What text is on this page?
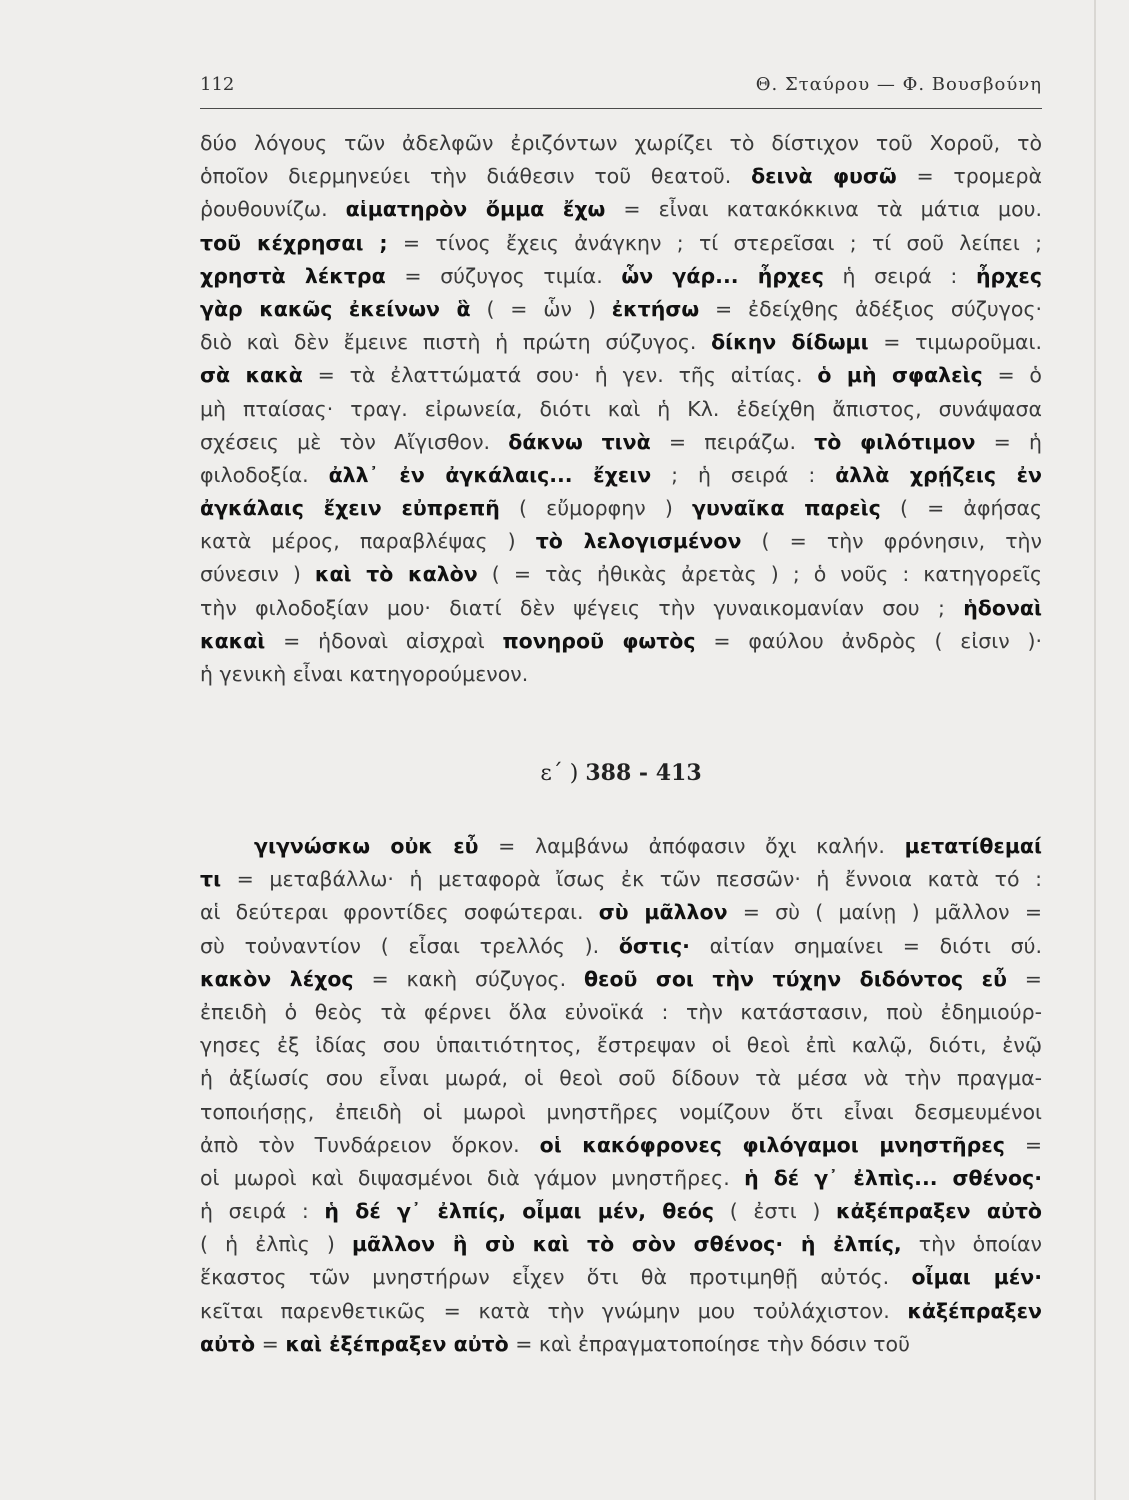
112	Θ. Σταύρου — Φ. Βουσβούνη
δύο λόγους τῶν ἀδελφῶν ἐριζόντων χωρίζει τὸ δίστιχον τοῦ Χοροῦ, τὸ
ὁποῖον διερμηνεύει τὴν διάθεσιν τοῦ θεατοῦ. δεινὰ φυσῶ = τρομερὰ
ῥουθουνίζω. αἱματηρὸν ὄμμα ἔχω = εἶναι κατακόκκινα τὰ μάτια μου.
τοῦ κέχρησαι ; = τίνος ἔχεις ἀνάγκην ; τί στερεῖσαι ; τί σοῦ λείπει ;
χρηστὰ λέκτρα = σύζυγος τιμία. ὧν γάρ... ἦρχες ἡ σειρά : ἦρχες
γὰρ κακῶς ἐκείνων ἃ ( = ὧν ) ἐκτήσω = ἐδείχθης ἀδέξιος σύζυγος·
διὸ καὶ δὲν ἔμεινε πιστὴ ἡ πρώτη σύζυγος. δίκην δίδωμι = τιμωροῦμαι.
σὰ κακὰ = τὰ ἐλαττώματά σου· ἡ γεν. τῆς αἰτίας. ὁ μὴ σφαλεὶς = ὁ
μὴ πταίσας· τραγ. εἰρωνεία, διότι καὶ ἡ Κλ. ἐδείχθη ἄπιστος, συνάψασα
σχέσεις μὲ τὸν Αἴγισθον. δάκνω τινὰ = πειράζω. τὸ φιλότιμον = ἡ
φιλοδοξία. ἀλλ᾽ ἐν ἀγκάλαις... ἔχειν ; ἡ σειρά : ἀλλὰ χρῄζεις ἐν
ἀγκάλαις ἔχειν εὐπρεπῆ ( εὔμορφην ) γυναῖκα παρεὶς ( = ἀφήσας
κατὰ μέρος, παραβλέψας ) τὸ λελογισμένον ( = τὴν φρόνησιν, τὴν
σύνεσιν ) καὶ τὸ καλὸν ( = τὰς ἠθικὰς ἀρετὰς ) ; ὁ νοῦς : κατηγορεῖς
τὴν φιλοδοξίαν μου· διατί δὲν ψέγεις τὴν γυναικομανίαν σου ; ἡδοναὶ
κακαὶ = ἡδοναὶ αἰσχραὶ πονηροῦ φωτὸς = φαύλου ἀνδρὸς ( εἰσιν )·
ἡ γενικὴ εἶναι κατηγορούμενον.
ε΄ ) 388 - 413
γιγνώσκω οὐκ εὖ = λαμβάνω ἀπόφασιν ὄχι καλήν. μετατίθεμαί
τι = μεταβάλλω· ἡ μεταφορὰ ἴσως ἐκ τῶν πεσσῶν· ἡ ἔννοια κατὰ τό :
αἱ δεύτεραι φροντίδες σοφώτεραι. σὺ μᾶλλον = σὺ ( μαίνῃ ) μᾶλλον =
σὺ τοὐναντίον ( εἶσαι τρελλός ). ὅστις· αἰτίαν σημαίνει = διότι σύ.
κακὸν λέχος = κακὴ σύζυγος. θεοῦ σοι τὴν τύχην διδόντος εὖ =
ἐπειδὴ ὁ θεὸς τὰ φέρνει ὅλα εὐνοϊκά : τὴν κατάστασιν, ποὺ ἐδημιούρ-
γησες ἐξ ἰδίας σου ὑπαιτιότητος, ἔστρεψαν οἱ θεοὶ ἐπὶ καλῷ, διότι, ἐνῷ
ἡ ἀξίωσίς σου εἶναι μωρά, οἱ θεοὶ σοῦ δίδουν τὰ μέσα νὰ τὴν πραγμα-
τοποιήσῃς, ἐπειδὴ οἱ μωροὶ μνηστῆρες νομίζουν ὅτι εἶναι δεσμευμένοι
ἀπὸ τὸν Τυνδάρειον ὅρκον. οἱ κακόφρονες φιλόγαμοι μνηστῆρες =
οἱ μωροὶ καὶ διψασμένοι διὰ γάμον μνηστῆρες. ἡ δέ γ᾽ ἐλπὶς... σθένος·
ἡ σειρά : ἡ δέ γ᾽ ἐλπίς, οἶμαι μέν, θεός ( ἐστι ) κἀξέπραξεν αὐτὸ
( ἡ ἐλπὶς ) μᾶλλον ἢ σὺ καὶ τὸ σὸν σθένος· ἡ ἐλπίς, τὴν ὁποίαν
ἕκαστος τῶν μνηστήρων εἶχεν ὅτι θὰ προτιμηθῇ αὐτός. οἶμαι μέν·
κεῖται παρενθετικῶς = κατὰ τὴν γνώμην μου τοὐλάχιστον. κἀξέπραξεν
αὐτὸ = καὶ ἐξέπραξεν αὐτὸ = καὶ ἐπραγματοποίησε τὴν δόσιν τοῦ
